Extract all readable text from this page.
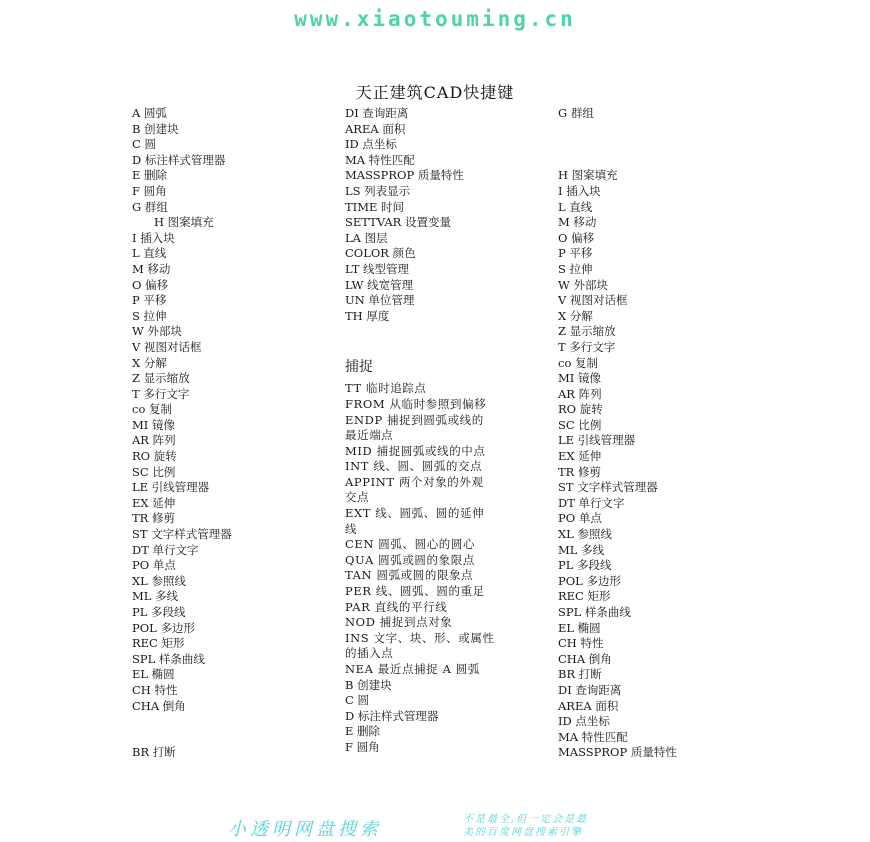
www.xiaotouming.cn
天正建筑CAD快捷键
A 圆弧
B 创建块
C 圆
D 标注样式管理器
E 删除
F 圆角
G 群组
H 图案填充
I 插入块
L 直线
M 移动
O 偏移
P 平移
S 拉伸
W 外部块
V 视图对话框
X 分解
Z 显示缩放
T 多行文字
co 复制
MI 镜像
AR 阵列
RO 旋转
SC 比例
LE 引线管理器
EX 延伸
TR 修剪
ST 文字样式管理器
DT 单行文字
PO 单点
XL 参照线
ML 多线
PL 多段线
POL 多边形
REC 矩形
SPL 样条曲线
EL 椭圆
CH 特性
CHA 倒角
BR 打断
DI 查询距离
AREA 面积
ID 点坐标
MA 特性匹配
MASSPROP 质量特性
LS 列表显示
TIME 时间
SETTVAR 设置变量
LA 图层
COLOR 颜色
LT 线型管理
LW 线宽管理
UN 单位管理
TH 厚度
捕捉
TT 临时追踪点
FROM 从临时参照到偏移
ENDP 捕捉到圆弧或线的
最近端点
MID 捕捉圆弧或线的中点
INT 线、圆、圆弧的交点
APPINT 两个对象的外观
交点
EXT 线、圆弧、圆的延伸
线
CEN 圆弧、圆心的圆心
QUA 圆弧或圆的象限点
TAN 圆弧或圆的限象点
PER 线、圆弧、圆的重足
PAR 直线的平行线
NOD 捕捉到点对象
INS 文字、块、形、或属性
的插入点
NEA 最近点捕捉 A 圆弧
B 创建块
C 圆
D 标注样式管理器
E 删除
F 圆角
G 群组
H 图案填充
I 插入块
L 直线
M 移动
O 偏移
P 平移
S 拉伸
W 外部块
V 视图对话框
X 分解
Z 显示缩放
T 多行文字
co 复制
MI 镜像
AR 阵列
RO 旋转
SC 比例
LE 引线管理器
EX 延伸
TR 修剪
ST 文字样式管理器
DT 单行文字
PO 单点
XL 参照线
ML 多线
PL 多段线
POL 多边形
REC 矩形
SPL 样条曲线
EL 椭圆
CH 特性
CHA 倒角
BR 打断
DI 查询距离
AREA 面积
ID 点坐标
MA 特性匹配
MASSPROP 质量特性
小透明网盘搜索	不是最全,但一定会是最
美的百度网盘搜索引擎
